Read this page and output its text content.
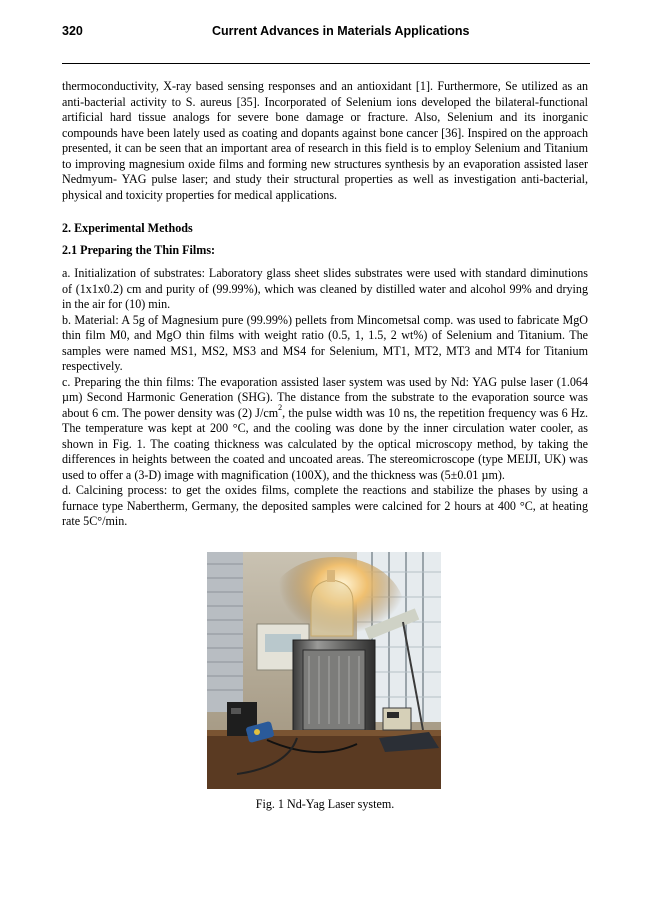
320	Current Advances in Materials Applications

thermoconductivity, X-ray based sensing responses and an antioxidant [1]. Furthermore, Se utilized as an anti-bacterial activity to S. aureus [35]. Incorporated of Selenium ions developed the bilateral-functional artificial hard tissue analogs for severe bone damage or fracture. Also, Selenium and its inorganic compounds have been lately used as coating and dopants against bone cancer [36]. Inspired on the approach presented, it can be seen that an important area of research in this field is to employ Selenium and Titanium to improving magnesium oxide films and forming new structures synthesis by an evaporation assisted laser Nedmyum- YAG pulse laser; and study their structural properties as well as investigation anti-bacterial, physical and toxicity properties for medical applications.

2. Experimental Methods
2.1 Preparing the Thin Films:

a. Initialization of substrates: Laboratory glass sheet slides substrates were used with standard diminutions of (1x1x0.2) cm and purity of (99.99%), which was cleaned by distilled water and alcohol 99% and drying in the air for (10) min.

b. Material: A 5g of Magnesium pure (99.99%) pellets from Mincometsal comp. was used to fabricate MgO thin film M0, and MgO thin films with weight ratio (0.5, 1, 1.5, 2 wt%) of Selenium and Titanium. The samples were named MS1, MS2, MS3 and MS4 for Selenium, MT1, MT2, MT3 and MT4 for Titanium respectively.

c. Preparing the thin films: The evaporation assisted laser system was used by Nd: YAG pulse laser (1.064 µm) Second Harmonic Generation (SHG). The distance from the substrate to the evaporation source was about 6 cm. The power density was (2) $J/cm^2$, the pulse width was 10 ns, the repetition frequency was 6 Hz. The temperature was kept at 200 °C, and the cooling was done by the inner circulation water cooler, as shown in Fig. 1. The coating thickness was calculated by the optical microscopy method, by taking the differences in heights between the coated and uncoated areas. The stereomicroscope (type MEIJI, UK) was used to offer a (3-D) image with magnification (100X), and the thickness was (5±0.01 µm).

d. Calcining process: to get the oxides films, complete the reactions and stabilize the phases by using a furnace type Nabertherm, Germany, the deposited samples were calcined for 2 hours at 400 °C, at heating rate 5C°/min.

Fig. 1 Nd-Yag Laser system.
